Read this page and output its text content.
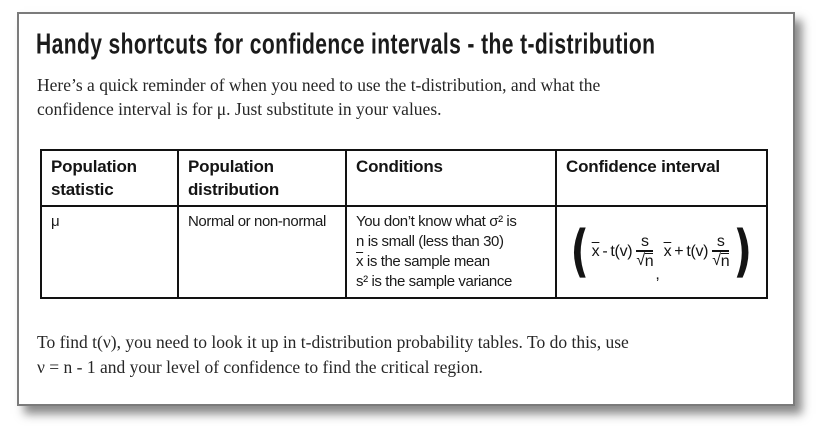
Handy shortcuts for confidence intervals - the t-distribution

Here’s a quick reminder of when you need to use the t-distribution, and what the
confidence interval is for μ. Just substitute in your values.

Population statistic	Population distribution	Conditions	Confidence interval
μ	Normal or non-normal	You don’t know what σ² is
n is small (less than 30)
$\overline{x}$ is the sample mean
s² is the sample variance	( $\overline{x} - t(v) \frac{s}{√ n}$
,
$\overline{x} + t(v) \frac{s}{√ n}$ )

To find t(ν), you need to look it up in t-distribution probability tables. To do this, use
ν = n - 1 and your level of confidence to find the critical region.
